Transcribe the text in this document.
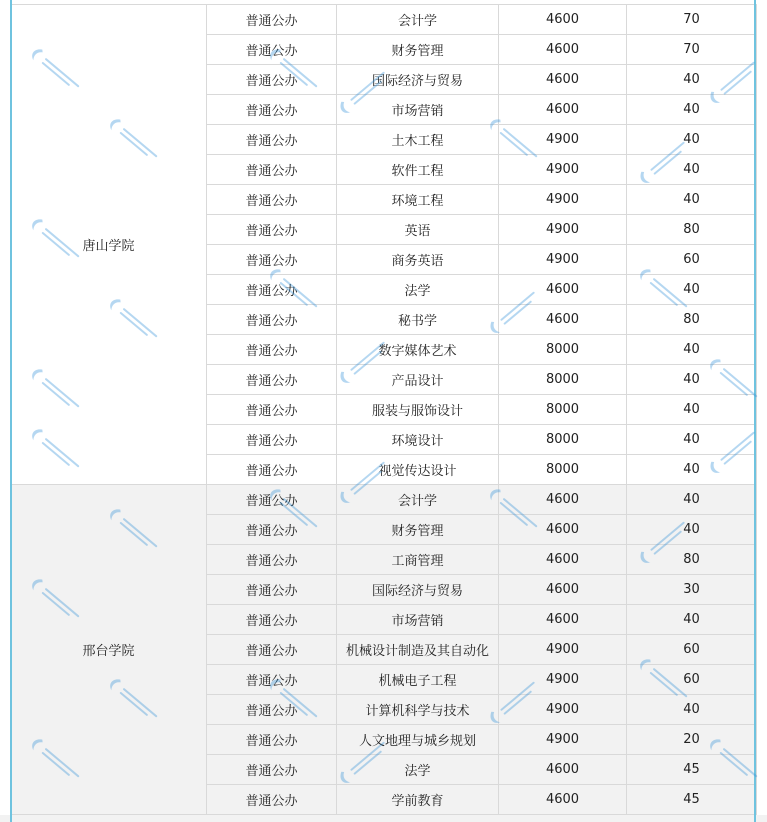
唐山学院	普通公办	会计学	4600	70
	普通公办	财务管理	4600	70
	普通公办	国际经济与贸易	4600	40
	普通公办	市场营销	4600	40
	普通公办	土木工程	4900	40
	普通公办	软件工程	4900	40
	普通公办	环境工程	4900	40
	普通公办	英语	4900	80
	普通公办	商务英语	4900	60
	普通公办	法学	4600	40
	普通公办	秘书学	4600	80
	普通公办	数字媒体艺术	8000	40
	普通公办	产品设计	8000	40
	普通公办	服装与服饰设计	8000	40
	普通公办	环境设计	8000	40
	普通公办	视觉传达设计	8000	40
邢台学院	普通公办	会计学	4600	40
	普通公办	财务管理	4600	40
	普通公办	工商管理	4600	80
	普通公办	国际经济与贸易	4600	30
	普通公办	市场营销	4600	40
	普通公办	机械设计制造及其自动化	4900	60
	普通公办	机械电子工程	4900	60
	普通公办	计算机科学与技术	4900	40
	普通公办	人文地理与城乡规划	4900	20
	普通公办	法学	4600	45
	普通公办	学前教育	4600	45
